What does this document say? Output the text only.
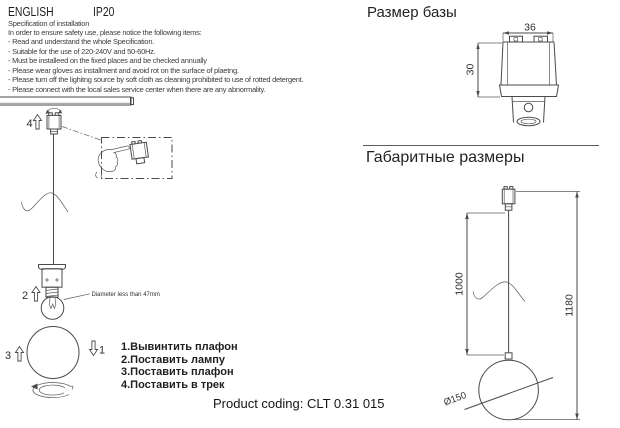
ENGLISH	IP20
Specification of installation
In order to ensure safety use, please notice the following items:
- Read and understand the whole Specification.
- Suitable for the use of 220-240V and 50-60Hz.
- Must be installeed on the fixed places and be checked annually
- Please wear gloves as installment and avoid rot on the surface of plaetng.
- Please turn off the lighitng source by soft cloth as cleaning prohibited to use of rotted detergent.
- Please connect with the local sales service center when there are any abnormality.
4
2	Diameter less than 47mm
3	1 1.Вывинтить плафон
2.Поставить лампу
3.Поставить плафон
4.Поставить в трек
Product coding: CLT 0.31 015
Размер базы
36
30
Габаритные размеры
1000
1180
Ø150
